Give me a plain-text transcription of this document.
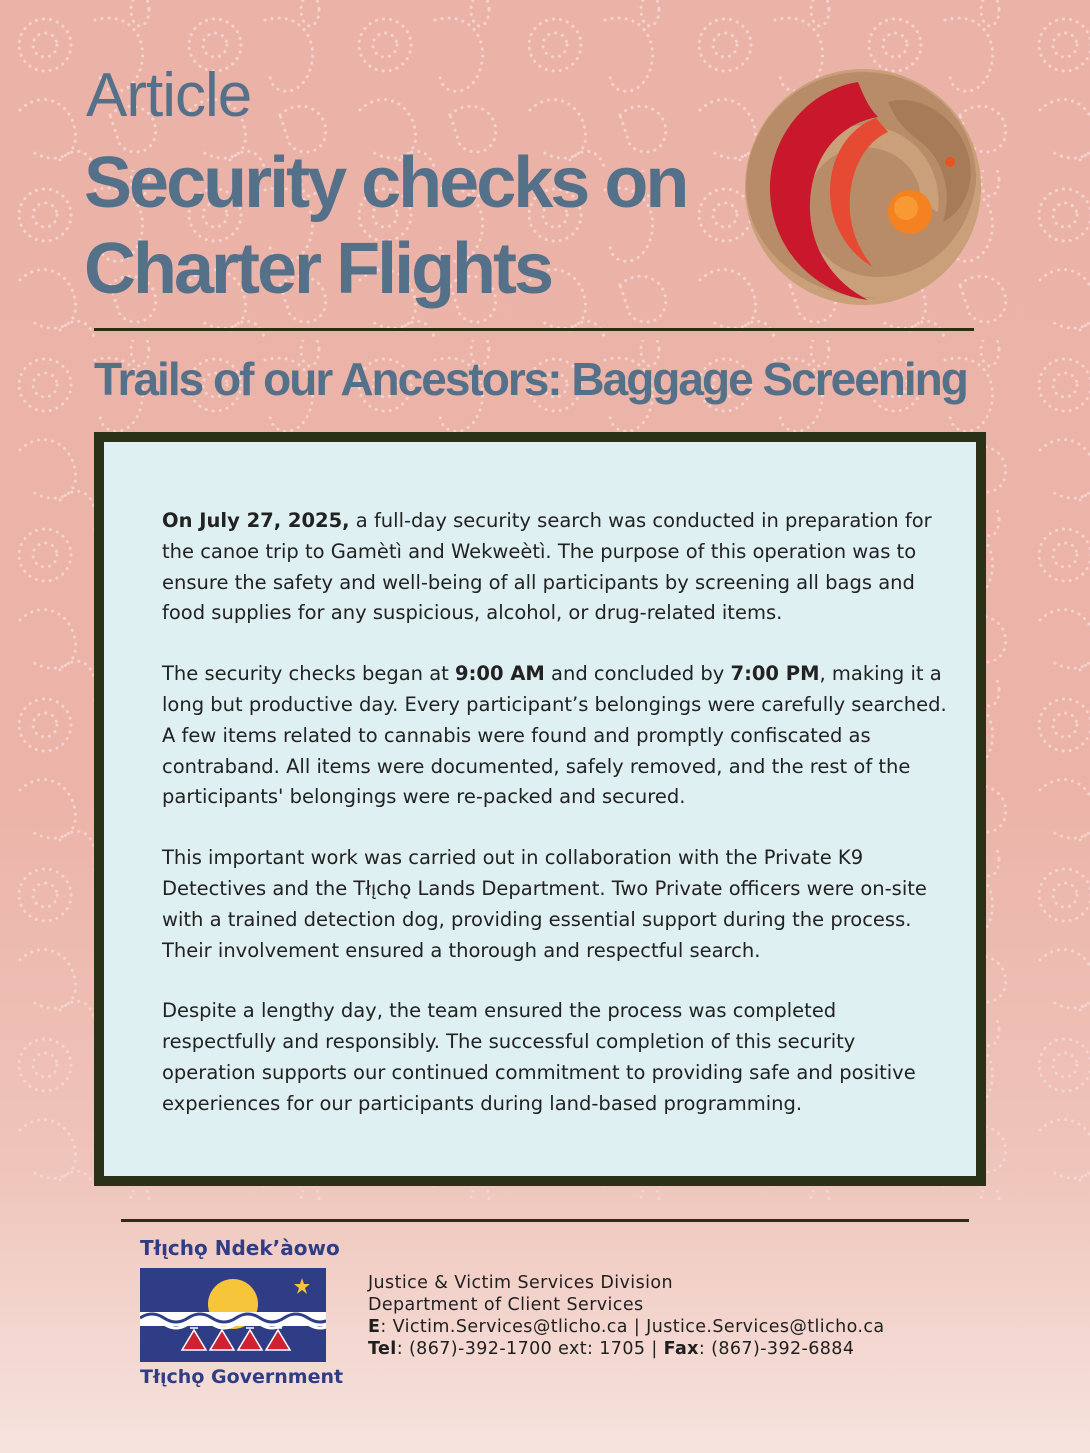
Article
Security checks on
Charter Flights
Trails of our Ancestors: Baggage Screening

On July 27, 2025, a full-day security search was conducted in preparation for the canoe trip to Gamètì and Wekweètì. The purpose of this operation was to ensure the safety and well-being of all participants by screening all bags and food supplies for any suspicious, alcohol, or drug-related items.

The security checks began at 9:00 AM and concluded by 7:00 PM, making it a long but productive day. Every participant’s belongings were carefully searched. A few items related to cannabis were found and promptly confiscated as contraband. All items were documented, safely removed, and the rest of the participants' belongings were re-packed and secured.

This important work was carried out in collaboration with the Private K9 Detectives and the Tłı̨chǫ Lands Department. Two Private officers were on-site with a trained detection dog, providing essential support during the process. Their involvement ensured a thorough and respectful search.

Despite a lengthy day, the team ensured the process was completed respectfully and responsibly. The successful completion of this security operation supports our continued commitment to providing safe and positive experiences for our participants during land-based programming.

Tłı̨chǫ Ndek’àowo
Tłı̨chǫ Government
Justice & Victim Services Division
Department of Client Services
E: Victim.Services@tlicho.ca | Justice.Services@tlicho.ca
Tel: (867)-392-1700 ext: 1705 | Fax: (867)-392-6884
